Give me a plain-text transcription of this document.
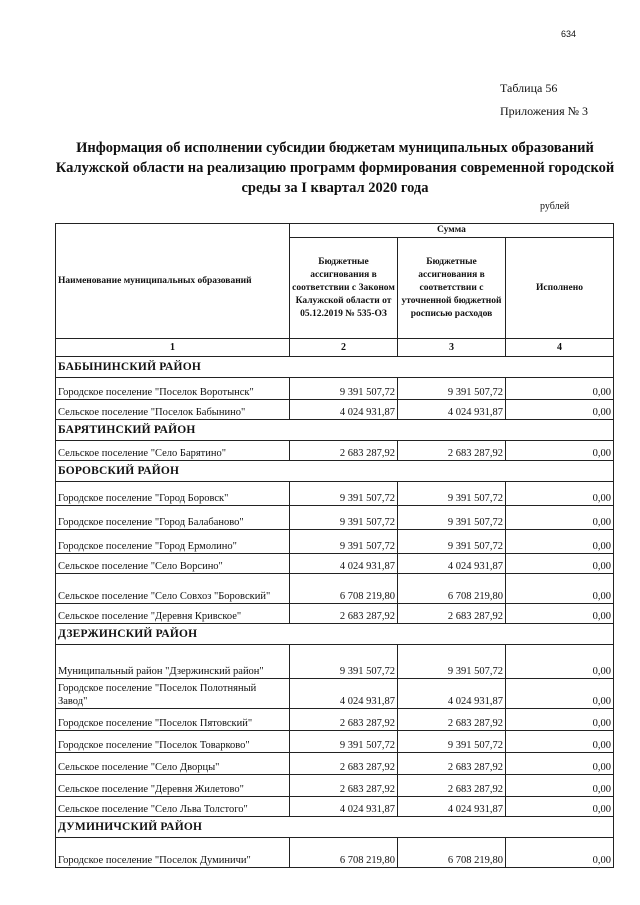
634
Таблица 56
Приложения № 3
Информация об исполнении субсидии бюджетам муниципальных образований
Калужской области на реализацию программ формирования современной городской
среды за I квартал 2020 года
рублей
Наименование муниципальных образований	Сумма		
	Бюджетные ассигнования в соответствии с Законом Калужской области от 05.12.2019 № 535-ОЗ	Бюджетные ассигнования в соответствии с уточненной бюджетной росписью расходов	Исполнено
1	2	3	4
БАБЫНИНСКИЙ РАЙОН			
Городское поселение "Поселок Воротынск"	9 391 507,72	9 391 507,72	0,00
Сельское поселение "Поселок Бабынино"	4 024 931,87	4 024 931,87	0,00
БАРЯТИНСКИЙ РАЙОН			
Сельское поселение "Село Барятино"	2 683 287,92	2 683 287,92	0,00
БОРОВСКИЙ РАЙОН			
Городское поселение "Город Боровск"	9 391 507,72	9 391 507,72	0,00
Городское поселение "Город Балабаново"	9 391 507,72	9 391 507,72	0,00
Городское поселение "Город Ермолино"	9 391 507,72	9 391 507,72	0,00
Сельское поселение "Село Ворсино"	4 024 931,87	4 024 931,87	0,00
Сельское поселение "Село Совхоз "Боровский"	6 708 219,80	6 708 219,80	0,00
Сельское поселение "Деревня Кривское"	2 683 287,92	2 683 287,92	0,00
ДЗЕРЖИНСКИЙ РАЙОН			
Муниципальный район "Дзержинский район"	9 391 507,72	9 391 507,72	0,00
Городское поселение "Поселок Полотняный Завод"	4 024 931,87	4 024 931,87	0,00
Городское поселение "Поселок Пятовский"	2 683 287,92	2 683 287,92	0,00
Городское поселение "Поселок Товарково"	9 391 507,72	9 391 507,72	0,00
Сельское поселение "Село Дворцы"	2 683 287,92	2 683 287,92	0,00
Сельское поселение "Деревня Жилетово"	2 683 287,92	2 683 287,92	0,00
Сельское поселение "Село Льва Толстого"	4 024 931,87	4 024 931,87	0,00
ДУМИНИЧСКИЙ РАЙОН			
Городское поселение "Поселок Думиничи"	6 708 219,80	6 708 219,80	0,00
